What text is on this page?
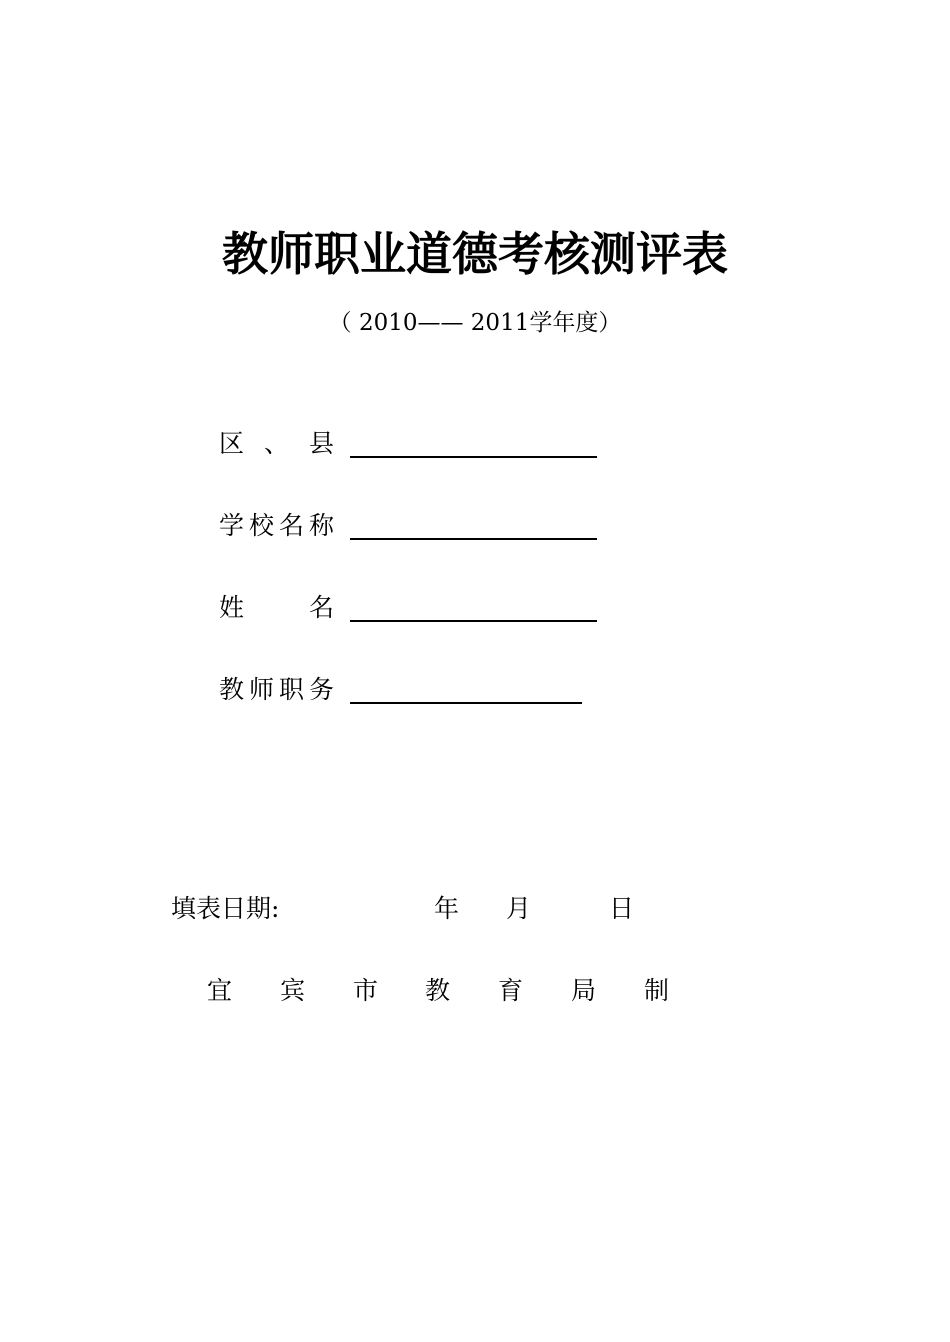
教师职业道德考核测评表
（ 2010—— 2011学年度）
区 、 县
学 校 名 称
姓	名
教 师 职 务
填表日期:	年 月	日
宜 宾 市 教 育 局 制
